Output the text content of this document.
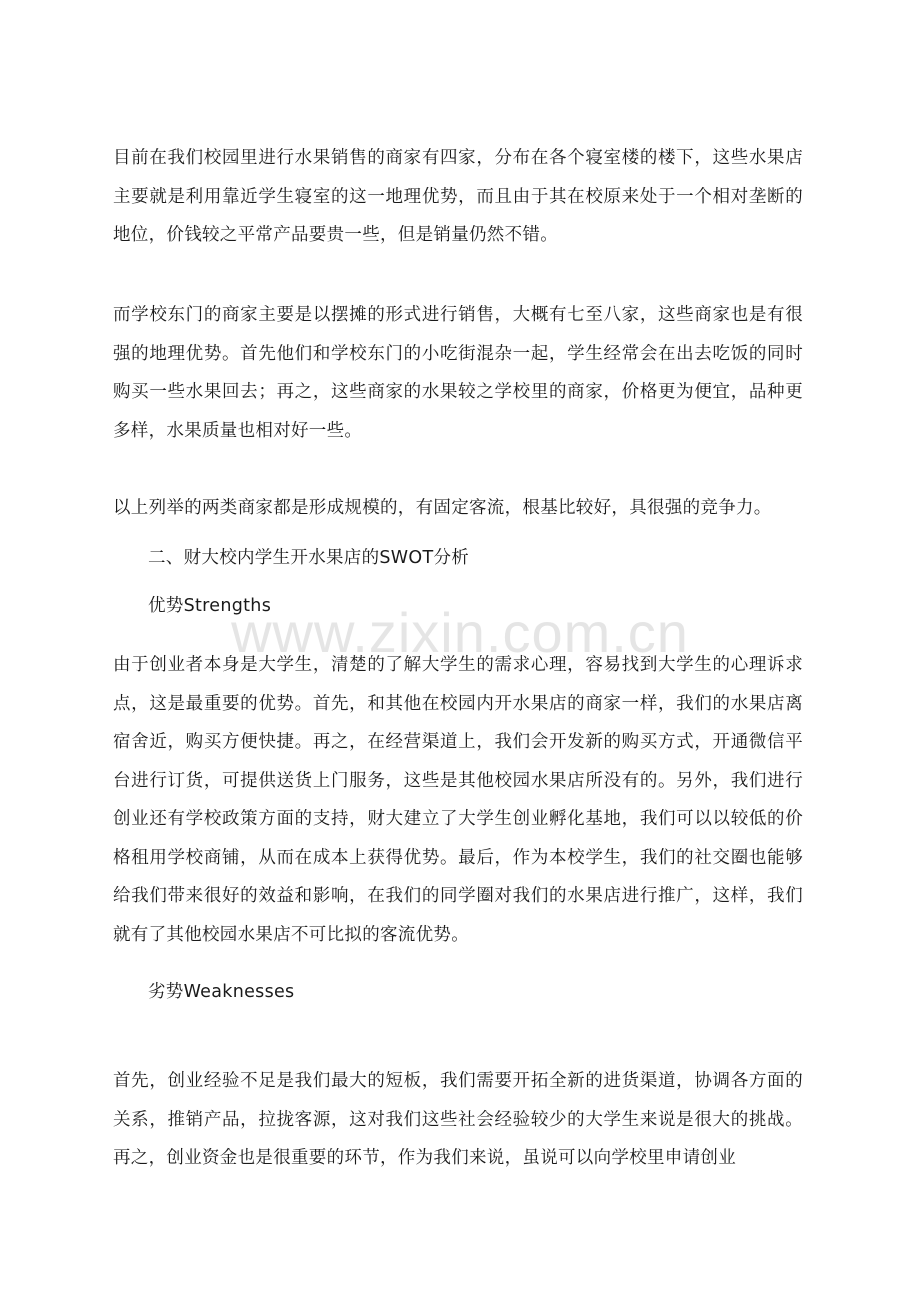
目前在我们校园里进行水果销售的商家有四家，分布在各个寝室楼的楼下，这些水果店主要就是利用靠近学生寝室的这一地理优势，而且由于其在校原来处于一个相对垄断的地位，价钱较之平常产品要贵一些，但是销量仍然不错。

而学校东门的商家主要是以摆摊的形式进行销售，大概有七至八家，这些商家也是有很强的地理优势。首先他们和学校东门的小吃街混杂一起，学生经常会在出去吃饭的同时购买一些水果回去；再之，这些商家的水果较之学校里的商家，价格更为便宜，品种更多样，水果质量也相对好一些。

以上列举的两类商家都是形成规模的，有固定客流，根基比较好，具很强的竞争力。

二、财大校内学生开水果店的SWOT分析

优势Strengths

由于创业者本身是大学生，清楚的了解大学生的需求心理，容易找到大学生的心理诉求点，这是最重要的优势。首先，和其他在校园内开水果店的商家一样，我们的水果店离宿舍近，购买方便快捷。再之，在经营渠道上，我们会开发新的购买方式，开通微信平台进行订货，可提供送货上门服务，这些是其他校园水果店所没有的。另外，我们进行创业还有学校政策方面的支持，财大建立了大学生创业孵化基地，我们可以以较低的价格租用学校商铺，从而在成本上获得优势。最后，作为本校学生，我们的社交圈也能够给我们带来很好的效益和影响，在我们的同学圈对我们的水果店进行推广，这样，我们就有了其他校园水果店不可比拟的客流优势。

劣势Weaknesses

首先，创业经验不足是我们最大的短板，我们需要开拓全新的进货渠道，协调各方面的关系，推销产品，拉拢客源，这对我们这些社会经验较少的大学生来说是很大的挑战。再之，创业资金也是很重要的环节，作为我们来说，虽说可以向学校里申请创业

www.zixin.com.cn
